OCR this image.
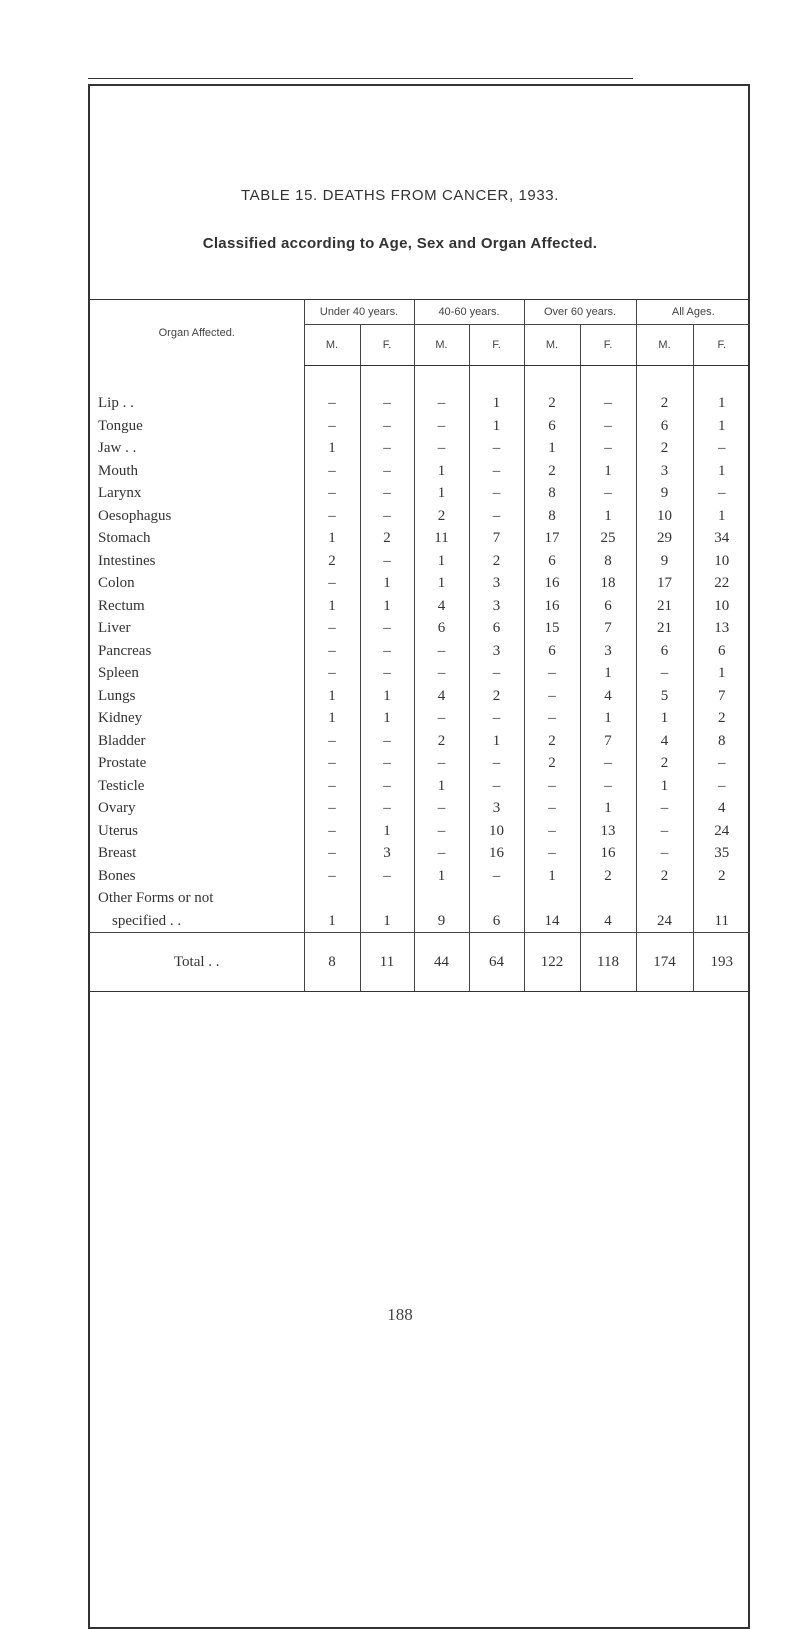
TABLE 15. DEATHS FROM CANCER, 1933.
Classified according to Age, Sex and Organ Affected.
Organ Affected.	Under 40 years.		40-60 years.		Over 60 years.		All Ages.	
	M.	F.	M.	F.	M.	F.	M.	F.

Lip . .	–	–	–	1	2	–	2	1
Tongue	–	–	–	1	6	–	6	1
Jaw . .	1	–	–	–	1	–	2	–
Mouth	–	–	1	–	2	1	3	1
Larynx	–	–	1	–	8	–	9	–
Oesophagus	–	–	2	–	8	1	10	1
Stomach	1	2	11	7	17	25	29	34
Intestines	2	–	1	2	6	8	9	10
Colon	–	1	1	3	16	18	17	22
Rectum	1	1	4	3	16	6	21	10
Liver	–	–	6	6	15	7	21	13
Pancreas	–	–	–	3	6	3	6	6
Spleen	–	–	–	–	–	1	–	1
Lungs	1	1	4	2	–	4	5	7
Kidney	1	1	–	–	–	1	1	2
Bladder	–	–	2	1	2	7	4	8
Prostate	–	–	–	–	2	–	2	–
Testicle	–	–	1	–	–	–	1	–
Ovary	–	–	–	3	–	1	–	4
Uterus	–	1	–	10	–	13	–	24
Breast	–	3	–	16	–	16	–	35
Bones	–	–	1	–	1	2	2	2
Other Forms or not								
specified . .	1	1	9	6	14	4	24	11
Total . .	8	11	44	64	122	118	174	193
188
